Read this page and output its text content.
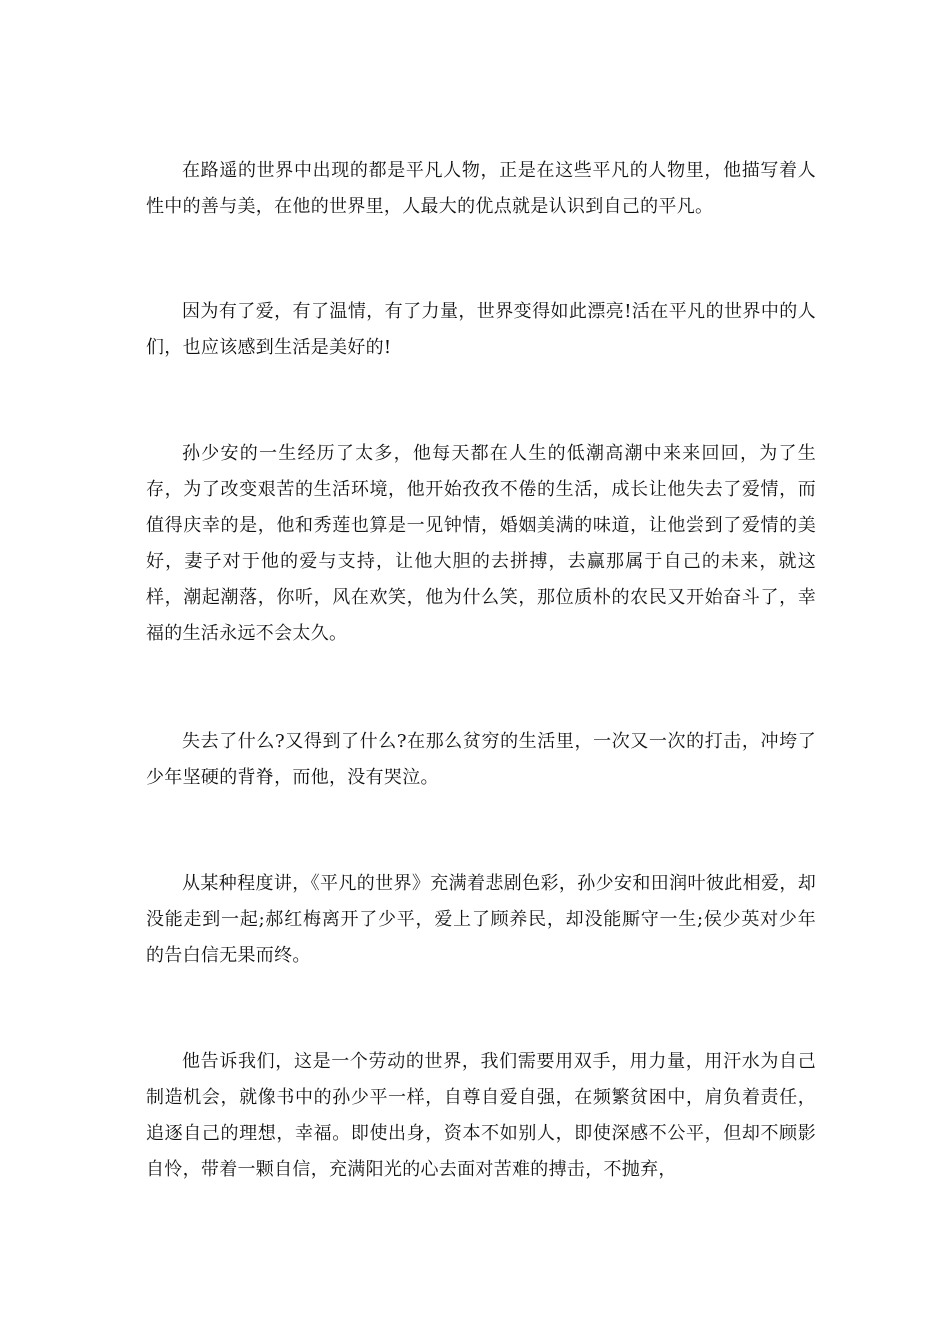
在路遥的世界中出现的都是平凡人物，正是在这些平凡的人物里，他描写着人性中的善与美，在他的世界里，人最大的优点就是认识到自己的平凡。

因为有了爱，有了温情，有了力量，世界变得如此漂亮!活在平凡的世界中的人们，也应该感到生活是美好的!

孙少安的一生经历了太多，他每天都在人生的低潮高潮中来来回回，为了生存，为了改变艰苦的生活环境，他开始孜孜不倦的生活，成长让他失去了爱情，而值得庆幸的是，他和秀莲也算是一见钟情，婚姻美满的味道，让他尝到了爱情的美好，妻子对于他的爱与支持，让他大胆的去拼搏，去赢那属于自己的未来，就这样，潮起潮落，你听，风在欢笑，他为什么笑，那位质朴的农民又开始奋斗了，幸福的生活永远不会太久。

失去了什么?又得到了什么?在那么贫穷的生活里，一次又一次的打击，冲垮了少年坚硬的背脊，而他，没有哭泣。

从某种程度讲，《平凡的世界》充满着悲剧色彩，孙少安和田润叶彼此相爱，却没能走到一起;郝红梅离开了少平，爱上了顾养民，却没能厮守一生;侯少英对少年的告白信无果而终。

他告诉我们，这是一个劳动的世界，我们需要用双手，用力量，用汗水为自己制造机会，就像书中的孙少平一样，自尊自爱自强，在频繁贫困中，肩负着责任，追逐自己的理想，幸福。即使出身，资本不如别人，即使深感不公平，但却不顾影自怜，带着一颗自信，充满阳光的心去面对苦难的搏击，不抛弃，
